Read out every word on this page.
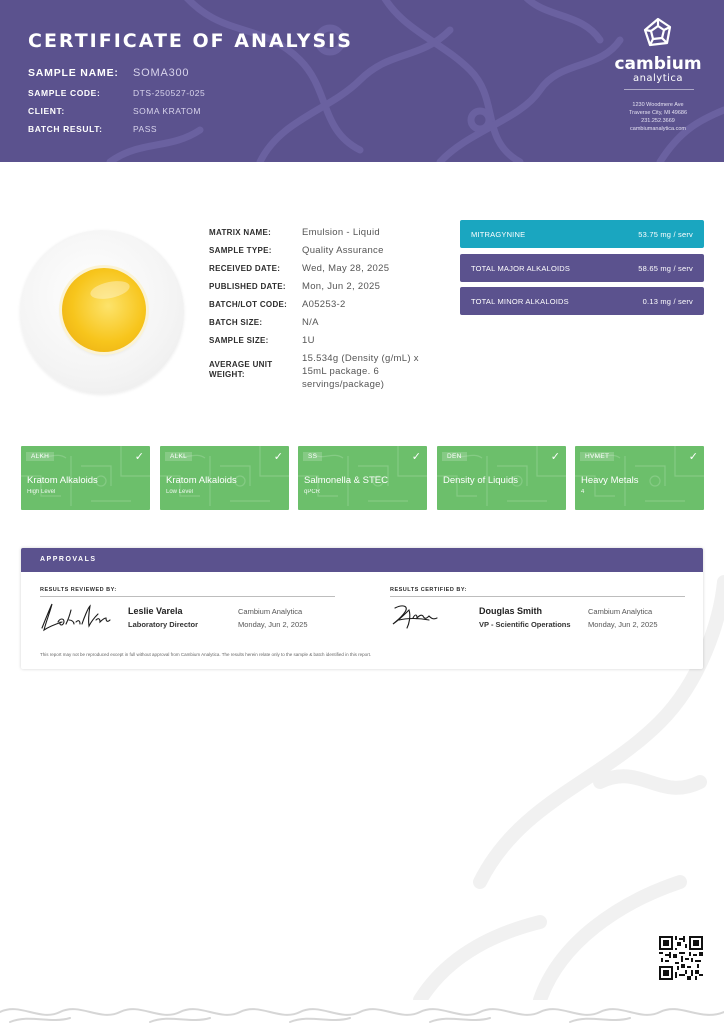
CERTIFICATE OF ANALYSIS
SAMPLE NAME:	SOMA300
SAMPLE CODE:	DTS-250527-025
CLIENT:	SOMA KRATOM
BATCH RESULT:	PASS
cambium
analytica
1230 Woodmere Ave
Traverse City, MI 49686
231.252.3669
cambiumanalytica.com
MATRIX NAME:	Emulsion - Liquid
SAMPLE TYPE:	Quality Assurance
RECEIVED DATE:	Wed, May 28, 2025
PUBLISHED DATE:	Mon, Jun 2, 2025
BATCH/LOT CODE:	A05253-2
BATCH SIZE:	N/A
SAMPLE SIZE:	1U
AVERAGE UNIT WEIGHT:
15.534g (Density (g/mL) x 15mL package. 6 servings/package)
MITRAGYNINE	53.75 mg / serv
TOTAL MAJOR ALKALOIDS	58.65 mg / serv
TOTAL MINOR ALKALOIDS	0.13 mg / serv
ALKH	✓
Kratom Alkaloids
High Level
ALKL	✓
Kratom Alkaloids
Low Level
SS	✓
Salmonella & STEC
qPCR
DEN	✓
Density of Liquids
HVMET	✓
Heavy Metals
4
APPROVALS
RESULTS REVIEWED BY:
Leslie Varela
Laboratory Director
Cambium Analytica
Monday, Jun 2, 2025
RESULTS CERTIFIED BY:
Douglas Smith
VP - Scientific Operations
Cambium Analytica
Monday, Jun 2, 2025
This report may not be reproduced except in full without approval from Cambium Analytica. The results herein relate only to the sample & batch identified in this report.
